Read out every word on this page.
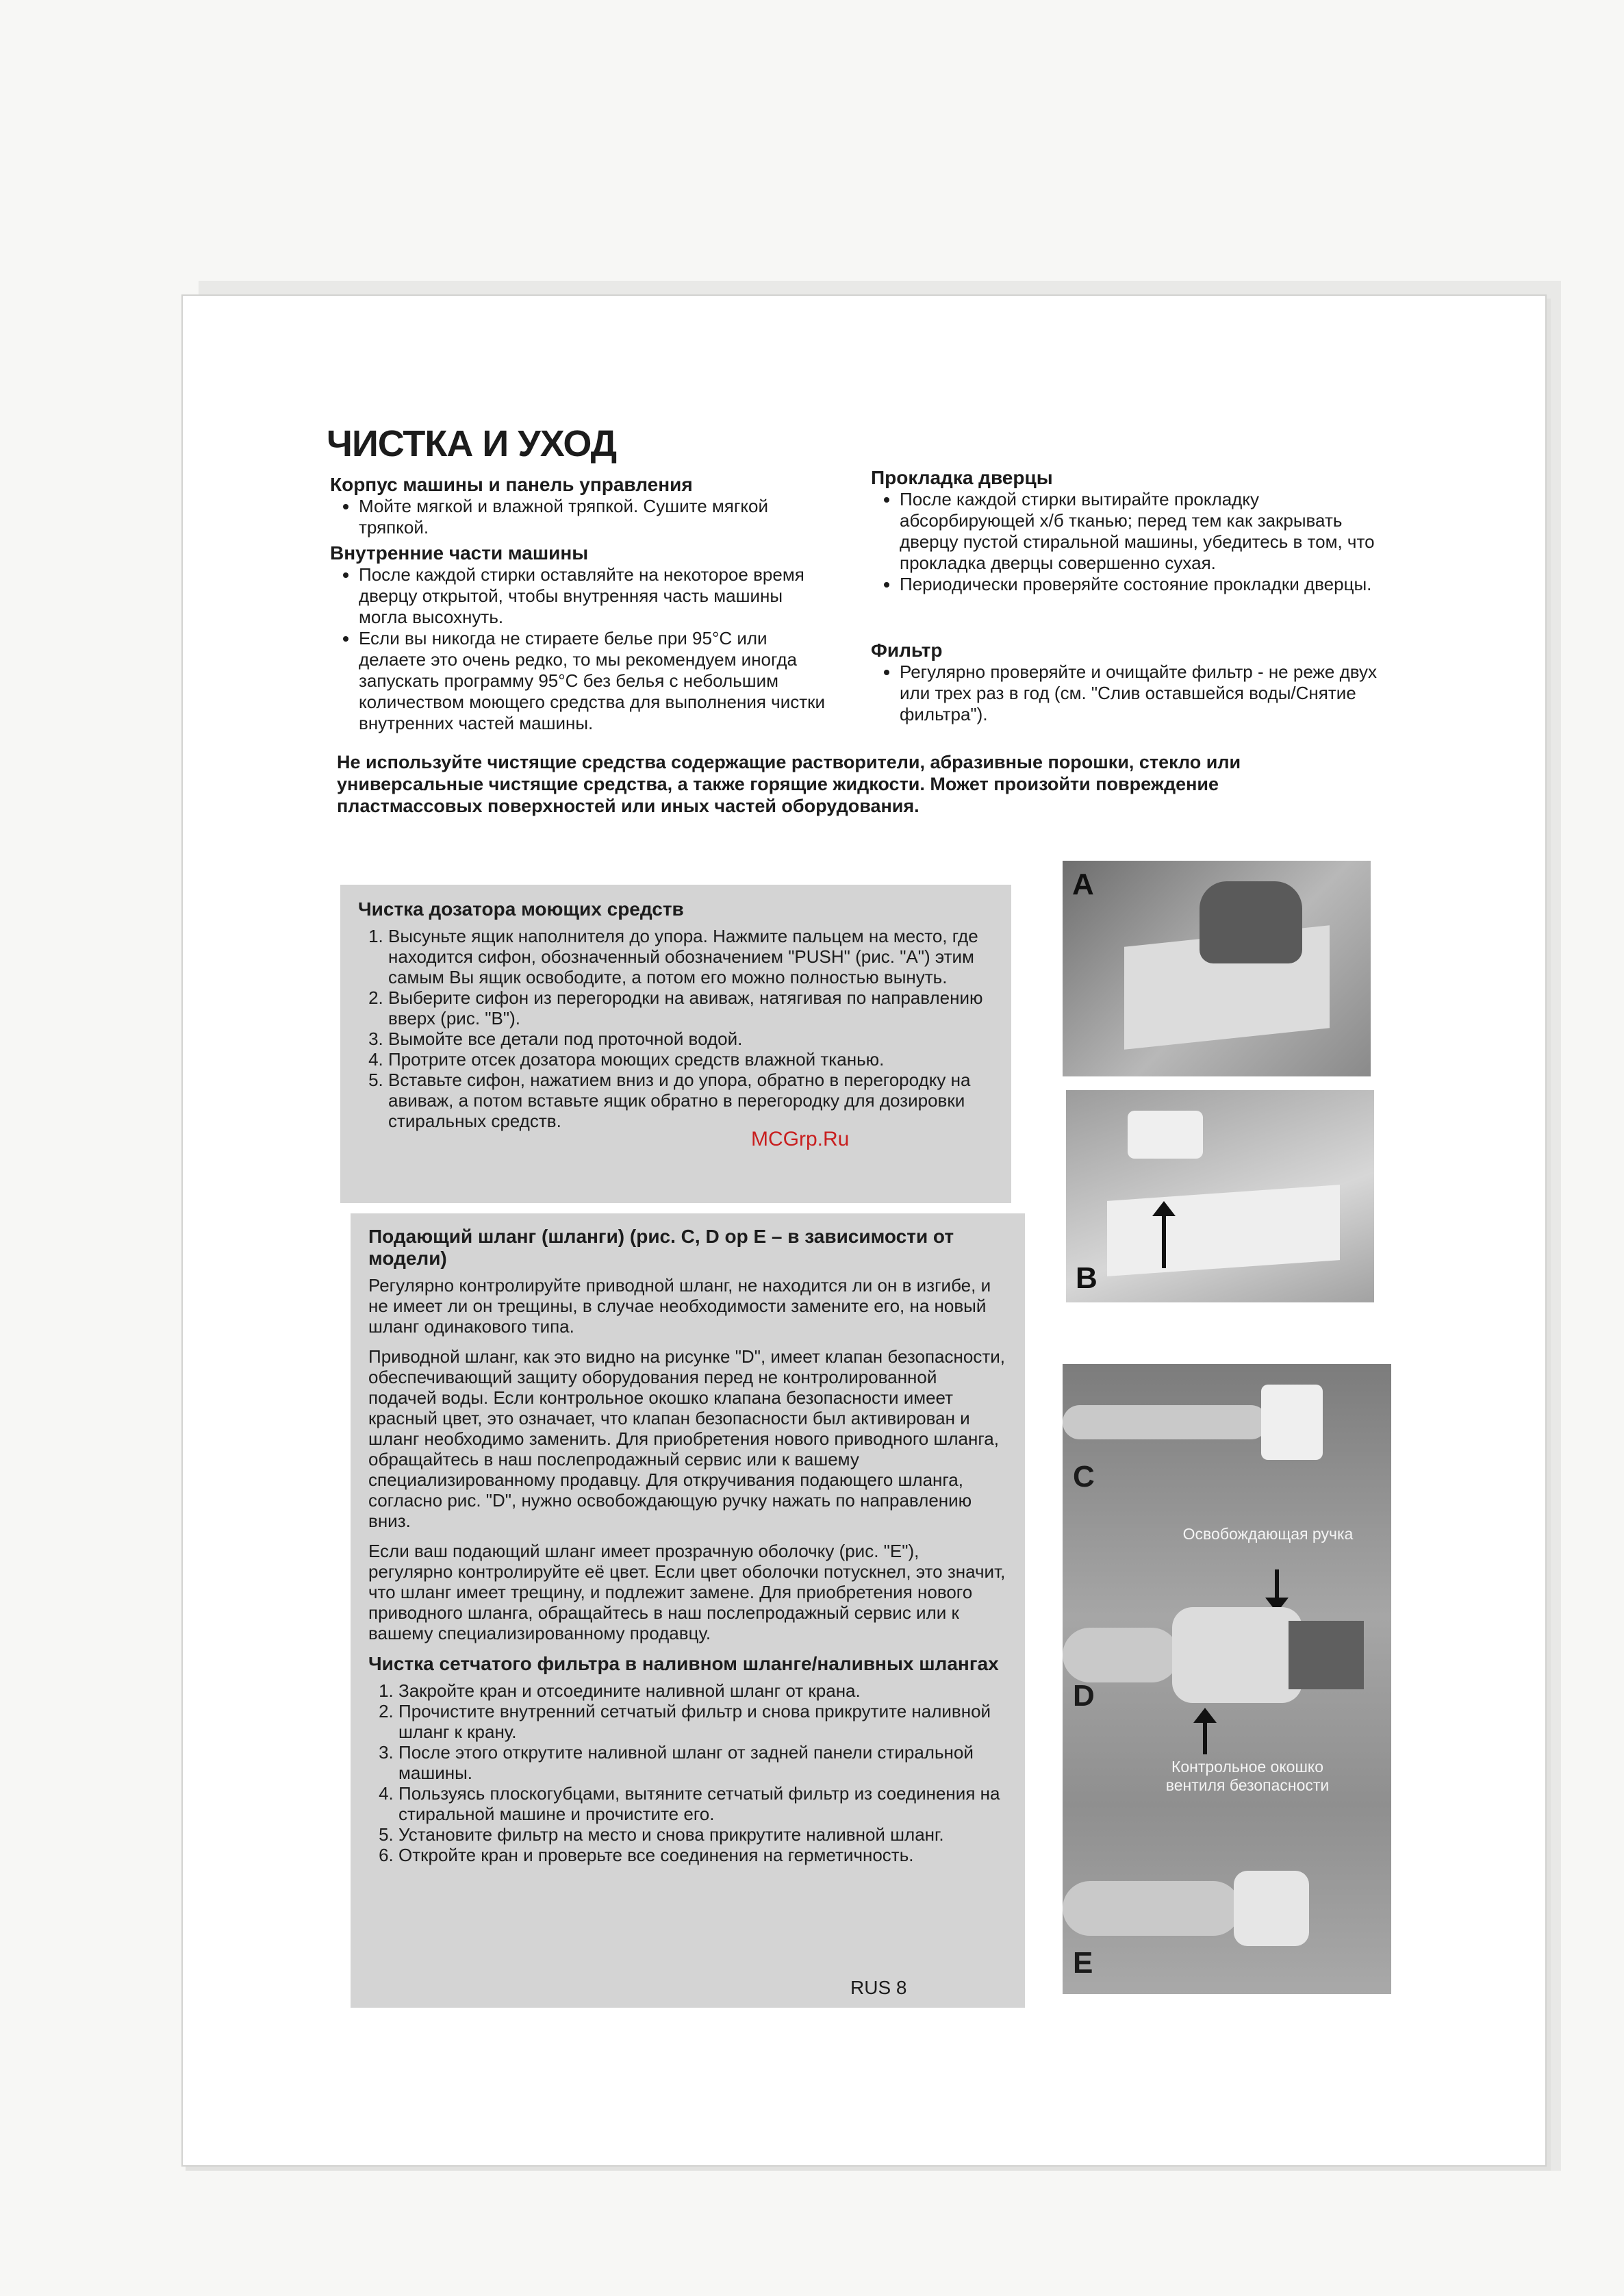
ЧИСТКА И УХОД
Корпус машины и панель управления
• Мойте мягкой и влажной тряпкой. Сушите мягкой тряпкой.
Внутренние части машины
• После каждой стирки оставляйте на некоторое время дверцу открытой, чтобы внутренняя часть машины могла высохнуть.
• Если вы никогда не стираете белье при 95°C или делаете это очень редко, то мы рекомендуем иногда запускать программу 95°C без белья с небольшим количеством моющего средства для выполнения чистки внутренних частей машины.
Прокладка дверцы
• После каждой стирки вытирайте прокладку абсорбирующей х/б тканью; перед тем как закрывать дверцу пустой стиральной машины, убедитесь в том, что прокладка дверцы совершенно сухая.
• Периодически проверяйте состояние прокладки дверцы.
Фильтр
• Регулярно проверяйте и очищайте фильтр - не реже двух или трех раз в год (см. "Слив оставшейся воды/Снятие фильтра").
Не используйте чистящие средства содержащие растворители, абразивные порошки, стекло или универсальные чистящие средства, а также горящие жидкости. Может произойти повреждение пластмассовых поверхностей или иных частей оборудования.
Чистка дозатора моющих средств
1. Высуньте ящик наполнителя до упора. Нажмите пальцем на место, где находится сифон, обозначенный обозначением "PUSH" (рис. "A") этим самым Вы ящик освободите, а потом его можно полностью вынуть.
2. Выберите сифон из перегородки на авиваж, натягивая по направлению вверх (рис. "B").
3. Вымойте все детали под проточной водой.
4. Протрите отсек дозатора моющих средств влажной тканью.
5. Вставьте сифон, нажатием вниз и до упора, обратно в перегородку на авиваж, а потом вставьте ящик обратно в перегородку для дозировки стиральных средств.
Подающий шланг (шланги) (рис. C, D ор E – в зависимости от модели)

Регулярно контролируйте приводной шланг, не находится ли он в изгибе, и не имеет ли он трещины, в случае необходимости замените его, на новый шланг одинакового типа.

Приводной шланг, как это видно на рисунке "D", имеет клапан безопасности, обеспечивающий защиту оборудования перед не контролированной подачей воды. Если контрольное окошко клапана безопасности имеет красный цвет, это означает, что клапан безопасности был активирован и шланг необходимо заменить. Для приобретения нового приводного шланга, обращайтесь в наш послепродажный сервис или к вашему специализированному продавцу. Для откручивания подающего шланга, согласно рис. "D", нужно освобождающую ручку нажать по направлению вниз.

Если ваш подающий шланг имеет прозрачную оболочку (рис. "E"), регулярно контролируйте её цвет. Если цвет оболочки потускнел, это значит, что шланг имеет трещину, и подлежит замене. Для приобретения нового приводного шланга, обращайтесь в наш послепродажный сервис или к вашему специализированному продавцу.

Чистка сетчатого фильтра в наливном шланге/наливных шлангах
1. Закройте кран и отсоедините наливной шланг от крана.
2. Прочистите внутренний сетчатый фильтр и снова прикрутите наливной шланг к крану.
3. После этого открутите наливной шланг от задней панели стиральной машины.
4. Пользуясь плоскогубцами, вытяните сетчатый фильтр из соединения на стиральной машине и прочистите его.
5. Установите фильтр на место и снова прикрутите наливной шланг.
6. Откройте кран и проверьте все соединения на герметичность.
A
B
C
Освобождающая ручка
D
Контрольное окошко вентиля безопасности
E
MCGrp.Ru
RUS 8
